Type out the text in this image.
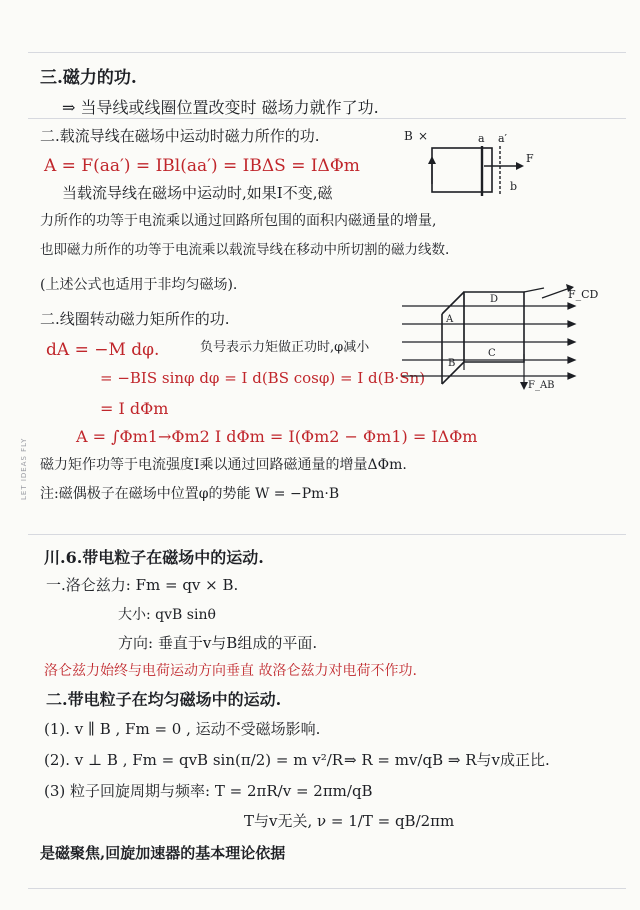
LET IDEAS FLY
三.磁力的功.
⇒ 当导线或线圈位置改变时 磁场力就作了功.
二.载流导线在磁场中运动时磁力所作的功.
A = F(aa′) = IBl(aa′) = IBΔS = IΔΦm
当载流导线在磁场中运动时,如果I不变,磁
力所作的功等于电流乘以通过回路所包围的面积内磁通量的增量,
也即磁力所作的功等于电流乘以载流导线在移动中所切割的磁力线数.
(上述公式也适用于非均匀磁场).
二.线圈转动磁力矩所作的功.
dA = −M dφ.	负号表示力矩做正功时,φ减小
= −BIS sinφ dφ = I d(BS cosφ) = I d(B·Sn)
= I dΦm
A = ∫Φm1→Φm2 I dΦm = I(Φm2 − Φm1) = IΔΦm
磁力矩作功等于电流强度I乘以通过回路磁通量的增量ΔΦm.
注:磁偶极子在磁场中位置φ的势能 W = −Pm·B
川.6.带电粒子在磁场中的运动.
一.洛仑兹力: Fm = qv × B.
大小: qvB sinθ
方向: 垂直于v与B组成的平面.
洛仑兹力始终与电荷运动方向垂直 故洛仑兹力对电荷不作功.
二.带电粒子在均匀磁场中的运动.
(1). v ∥ B , Fm = 0 , 运动不受磁场影响.
(2). v ⊥ B , Fm = qvB sin(π/2) = m v²/R ⇒ R = mv/qB ⇒ R与v成正比.
(3) 粒子回旋周期与频率: T = 2πR/v = 2πm/qB
T与v无关, ν = 1/T = qB/2πm
是磁聚焦,回旋加速器的基本理论依据
B ×	a a′
F
b
F_CD
D
A
B
C
F_AB
